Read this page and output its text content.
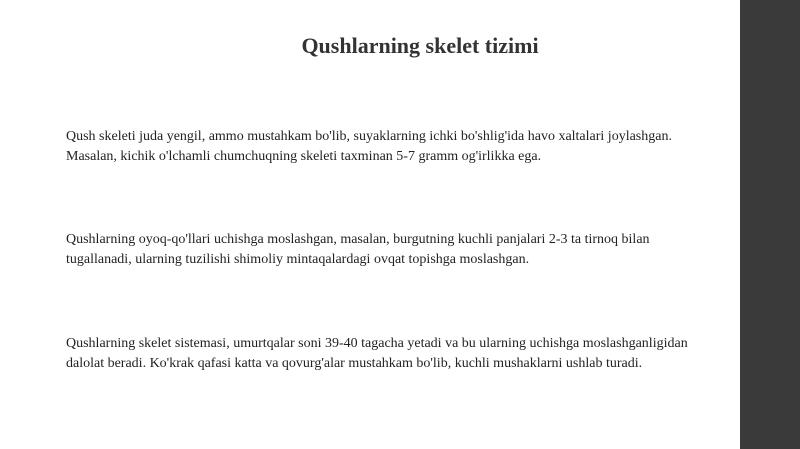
Qushlarning skelet tizimi

Qush skeleti juda yengil, ammo mustahkam bo'lib, suyaklarning ichki bo'shlig'ida havo xaltalari joylashgan.
Masalan, kichik o'lchamli chumchuqning skeleti taxminan 5-7 gramm og'irlikka ega.

Qushlarning oyoq-qo'llari uchishga moslashgan, masalan, burgutning kuchli panjalari 2-3 ta tirnoq bilan
tugallanadi, ularning tuzilishi shimoliy mintaqalardagi ovqat topishga moslashgan.

Qushlarning skelet sistemasi, umurtqalar soni 39-40 tagacha yetadi va bu ularning uchishga moslashganligidan
dalolat beradi. Ko'krak qafasi katta va qovurg'alar mustahkam bo'lib, kuchli mushaklarni ushlab turadi.
